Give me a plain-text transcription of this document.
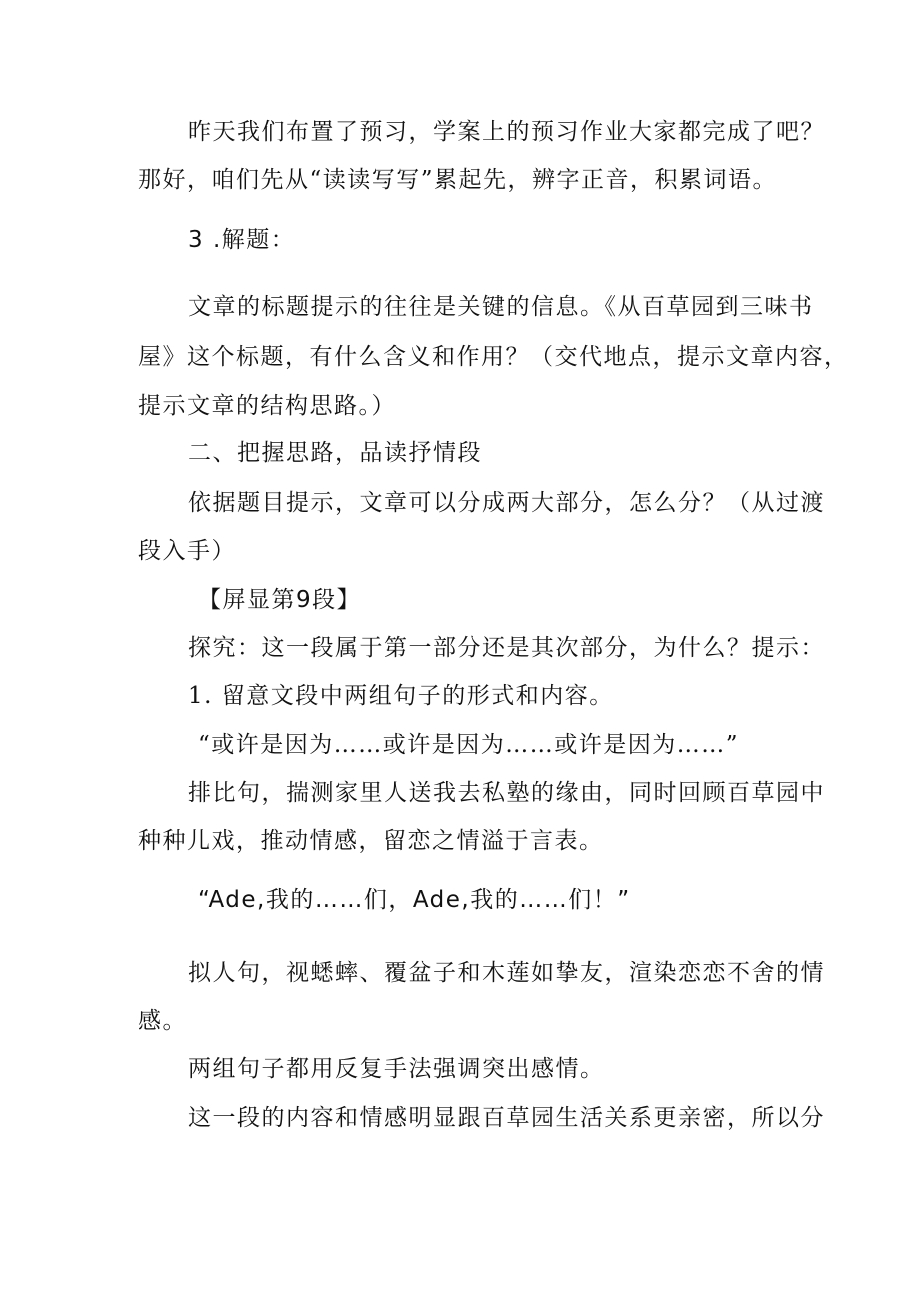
昨天我们布置了预习，学案上的预习作业大家都完成了吧？

那好，咱们先从“读读写写”累起先，辨字正音，积累词语。

3 .解题：

文章的标题提示的往往是关键的信息。《从百草园到三味书

屋》这个标题，有什么含义和作用？（交代地点，提示文章内容，

提示文章的结构思路。）

二、把握思路，品读抒情段

依据题目提示，文章可以分成两大部分，怎么分？（从过渡

段入手）

【屏显第9段】

探究：这一段属于第一部分还是其次部分，为什么？提示：

1. 留意文段中两组句子的形式和内容。

“或许是因为……或许是因为……或许是因为……”

排比句，揣测家里人送我去私塾的缘由，同时回顾百草园中

种种儿戏，推动情感，留恋之情溢于言表。

“Ade,我的……们，Ade,我的……们！”

拟人句，视蟋蟀、覆盆子和木莲如挚友，渲染恋恋不舍的情

感。

两组句子都用反复手法强调突出感情。

这一段的内容和情感明显跟百草园生活关系更亲密，所以分
